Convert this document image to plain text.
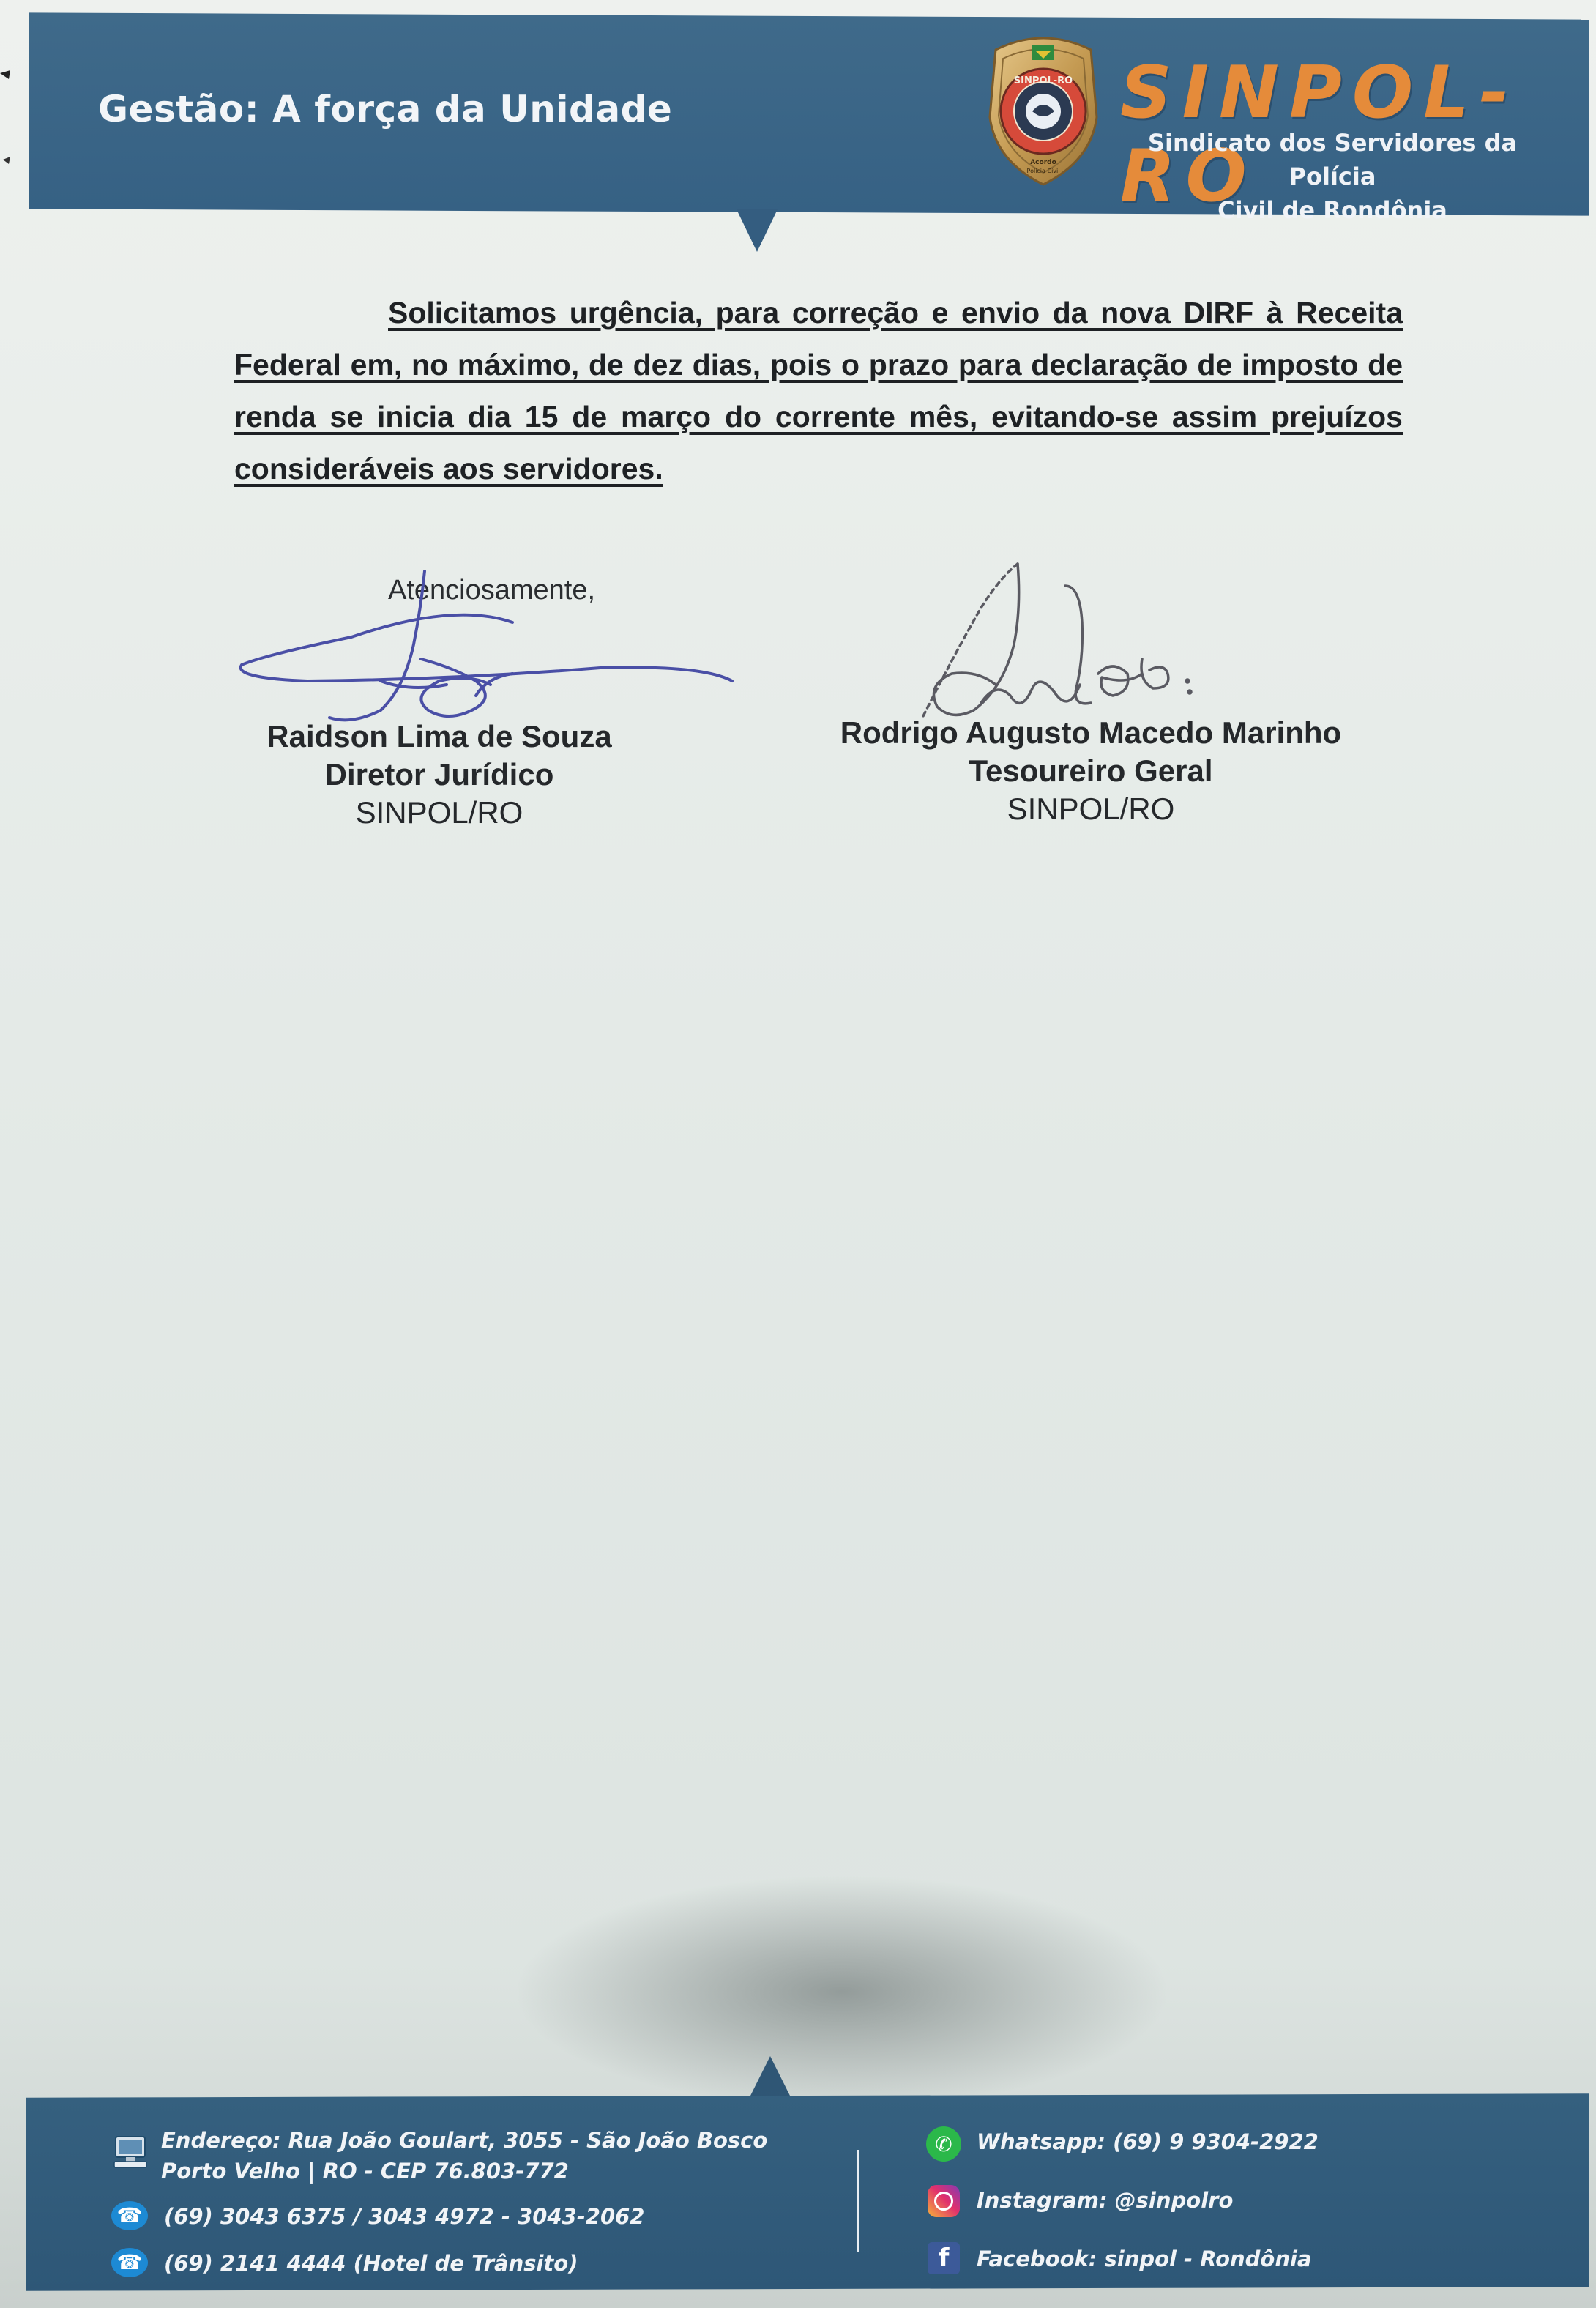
Gestão: A força da Unidade
SINPOL-RO
Acordo
Polícia Civil
SINPOL-RO
Sindicato dos Servidores da Polícia
Civil de Rondônia
Solicitamos urgência, para correção e envio da nova DIRF à Receita Federal em, no máximo, de dez dias, pois o prazo para declaração de imposto de renda se inicia dia 15 de março do corrente mês, evitando-se assim prejuízos consideráveis aos servidores.
Atenciosamente,
Raidson Lima de Souza
Diretor Jurídico
SINPOL/RO
Rodrigo Augusto Macedo Marinho
Tesoureiro Geral
SINPOL/RO
Endereço: Rua João Goulart, 3055 - São João Bosco
Porto Velho | RO - CEP 76.803-772
☎ (69) 3043 6375 / 3043 4972 - 3043-2062
☎ (69) 2141 4444 (Hotel de Trânsito)
✆	Whatsapp: (69) 9 9304-2922
Instagram: @sinpolro
f	Facebook: sinpol - Rondônia
